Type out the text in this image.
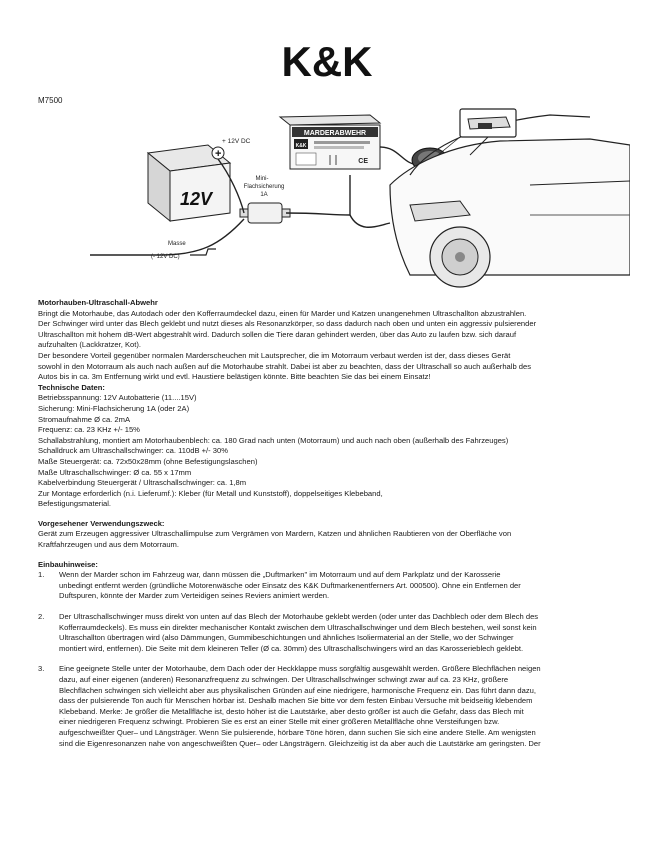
K&K
M7500
+
12V
+ 12V DC
Mini-
Flachsicherung
1A
Masse
(- 12V DC)
MARDERABWEHR
K&K
CE

Motorhauben-Ultraschall-Abwehr

Bringt die Motorhaube, das Autodach oder den Kofferraumdeckel dazu, einen für Marder und Katzen unangenehmen Ultraschallton abzustrahlen.

Der Schwinger wird unter das Blech geklebt und nutzt dieses als Resonanzkörper, so dass dadurch nach oben und unten ein aggressiv pulsierender

Ultraschallton mit hohem dB-Wert abgestrahlt wird. Dadurch sollen die Tiere daran gehindert werden, über das Auto zu laufen bzw. sich darauf

aufzuhalten (Lackkratzer, Kot).

Der besondere Vorteil gegenüber normalen Marderscheuchen mit Lautsprecher, die im Motorraum verbaut werden ist der, dass dieses Gerät

sowohl in den Motorraum als auch nach außen auf die Motorhaube strahlt. Dabei ist aber zu beachten, dass der Ultraschall so auch außerhalb des

Autos bis in ca. 3m Entfernung wirkt und evtl. Haustiere belästigen könnte. Bitte beachten Sie das bei einem Einsatz!

Technische Daten:

Betriebsspannung: 12V Autobatterie (11....15V)

Sicherung: Mini-Flachsicherung 1A (oder 2A)

Stromaufnahme Ø ca. 2mA

Frequenz: ca. 23 KHz +/- 15%

Schallabstrahlung, montiert am Motorhaubenblech: ca. 180 Grad nach unten (Motorraum) und auch nach oben (außerhalb des Fahrzeuges)

Schalldruck am Ultraschallschwinger: ca. 110dB +/- 30%

Maße Steuergerät: ca. 72x50x28mm (ohne Befestigungslaschen)

Maße Ultraschallschwinger: Ø ca. 55 x 17mm

Kabelverbindung Steuergerät / Ultraschallschwinger: ca. 1,8m

Zur Montage erforderlich (n.i. Lieferumf.): Kleber (für Metall und Kunststoff), doppelseitiges Klebeband,

Befestigungsmaterial.

Vorgesehener Verwendungszweck:

Gerät zum Erzeugen aggressiver Ultraschallimpulse zum Vergrämen von Mardern, Katzen und ähnlichen Raubtieren von der Oberfläche von

Kraftfahrzeugen und aus dem Motorraum.

Einbauhinweise:

1. Wenn der Marder schon im Fahrzeug war, dann müssen die „Duftmarken" im Motorraum und auf dem Parkplatz und der Karosserie

unbedingt entfernt werden (gründliche Motorenwäsche oder Einsatz des K&K Duftmarkenentferners Art. 000500). Ohne ein Entfernen der

Duftspuren, könnte der Marder zum Verteidigen seines Reviers animiert werden.

2. Der Ultraschallschwinger muss direkt von unten auf das Blech der Motorhaube geklebt werden (oder unter das Dachblech oder dem Blech des

Kofferraumdeckels). Es muss ein direkter mechanischer Kontakt zwischen dem Ultraschallschwinger und dem Blech bestehen, weil sonst kein

Ultraschallton übertragen wird (also Dämmungen, Gummibeschichtungen und ähnliches Isoliermaterial an der Stelle, wo der Schwinger

montiert wird, entfernen). Die Seite mit dem kleineren Teller (Ø ca. 30mm) des Ultraschallschwingers wird an das Karosserieblech geklebt.

3. Eine geeignete Stelle unter der Motorhaube, dem Dach oder der Heckklappe muss sorgfältig ausgewählt werden. Größere Blechflächen neigen

dazu, auf einer eigenen (anderen) Resonanzfrequenz zu schwingen. Der Ultraschallschwinger schwingt zwar auf ca. 23 KHz, größere

Blechflächen schwingen sich vielleicht aber aus physikalischen Gründen auf eine niedrigere, harmonische Frequenz ein. Das führt dann dazu,

dass der pulsierende Ton auch für Menschen hörbar ist. Deshalb machen Sie bitte vor dem festen Einbau Versuche mit beidseitig klebendem

Klebeband. Merke: Je größer die Metallfläche ist, desto höher ist die Lautstärke, aber desto größer ist auch die Gefahr, dass das Blech mit

einer niedrigeren Frequenz schwingt. Probieren Sie es erst an einer Stelle mit einer größeren Metallfläche ohne Versteifungen bzw.

aufgeschweißter Quer– und Längsträger. Wenn Sie pulsierende, hörbare Töne hören, dann suchen Sie sich eine andere Stelle. Am wenigsten

sind die Eigenresonanzen nahe von angeschweißten Quer– oder Längsträgern. Gleichzeitig ist da aber auch die Lautstärke am geringsten. Der
